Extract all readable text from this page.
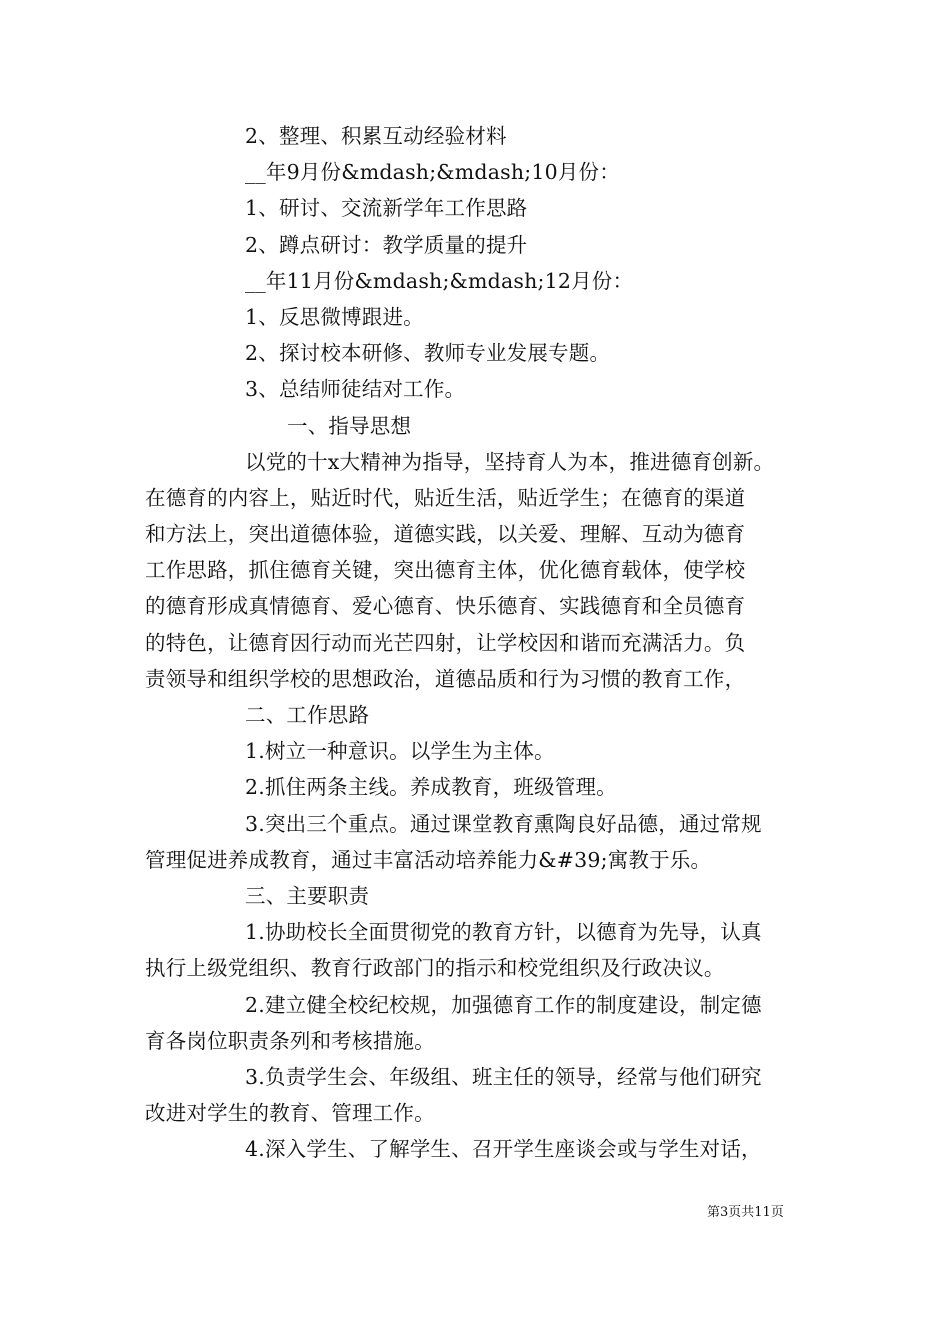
2、整理、积累互动经验材料
__年9月份&mdash;&mdash;10月份：
1、研讨、交流新学年工作思路
2、蹲点研讨：教学质量的提升
__年11月份&mdash;&mdash;12月份：
1、反思微博跟进。
2、探讨校本研修、教师专业发展专题。
3、总结师徒结对工作。
一、指导思想
以党的十x大精神为指导，坚持育人为本，推进德育创新。
在德育的内容上，贴近时代，贴近生活，贴近学生；在德育的渠道
和方法上，突出道德体验，道德实践，以关爱、理解、互动为德育
工作思路，抓住德育关键，突出德育主体，优化德育载体，使学校
的德育形成真情德育、爱心德育、快乐德育、实践德育和全员德育
的特色，让德育因行动而光芒四射，让学校因和谐而充满活力。负
责领导和组织学校的思想政治，道德品质和行为习惯的教育工作，
二、工作思路
1.树立一种意识。以学生为主体。
2.抓住两条主线。养成教育，班级管理。
3.突出三个重点。通过课堂教育熏陶良好品德，通过常规
管理促进养成教育，通过丰富活动培养能力&#39;寓教于乐。
三、主要职责
1.协助校长全面贯彻党的教育方针，以德育为先导，认真
执行上级党组织、教育行政部门的指示和校党组织及行政决议。
2.建立健全校纪校规，加强德育工作的制度建设，制定德
育各岗位职责条列和考核措施。
3.负责学生会、年级组、班主任的领导，经常与他们研究
改进对学生的教育、管理工作。
4.深入学生、了解学生、召开学生座谈会或与学生对话，
第3页共11页
